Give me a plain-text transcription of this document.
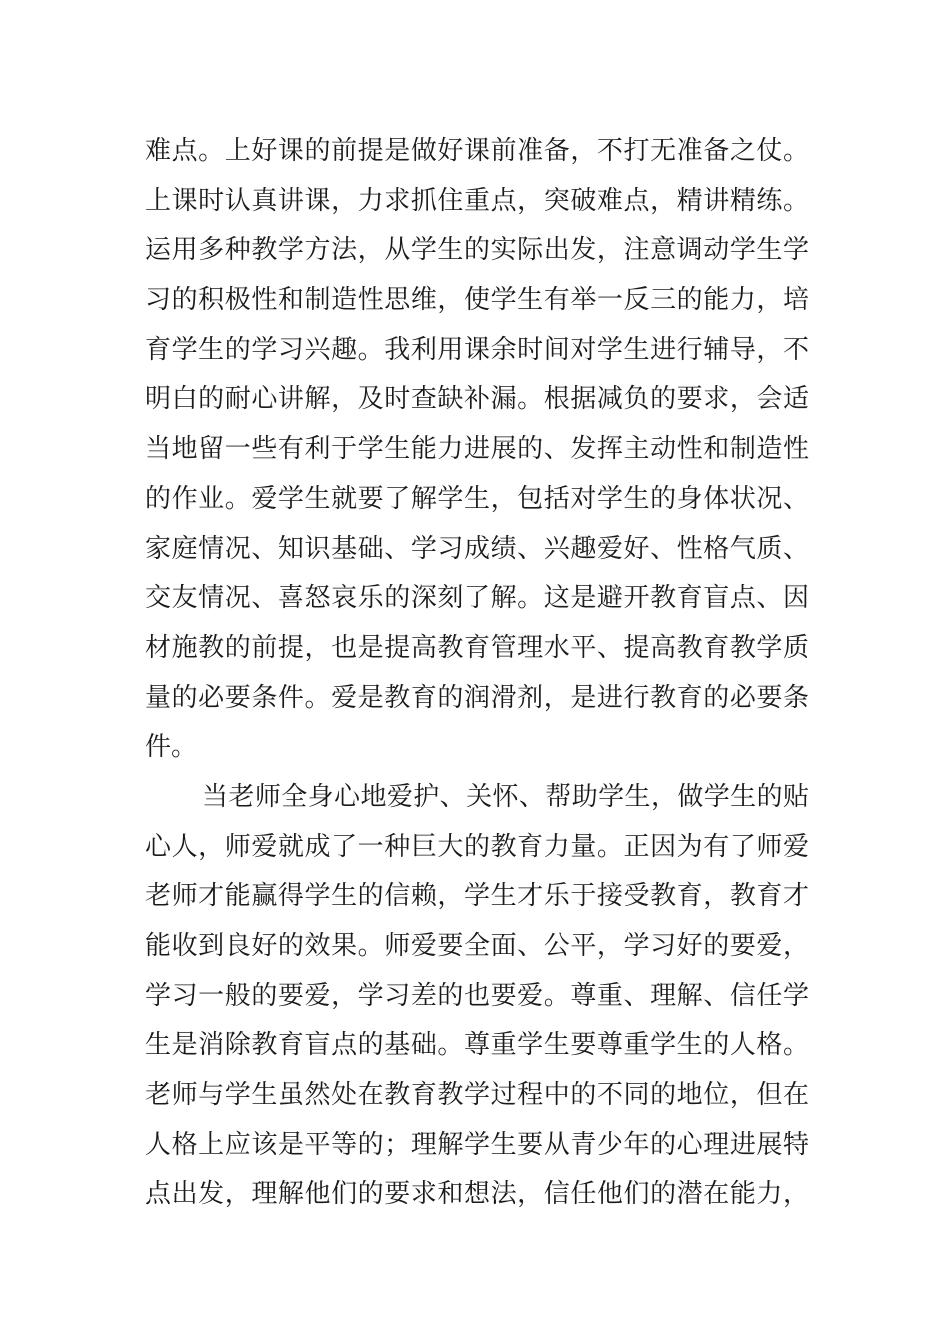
难点。上好课的前提是做好课前准备，不打无准备之仗。
上课时认真讲课，力求抓住重点，突破难点，精讲精练。
运用多种教学方法，从学生的实际出发，注意调动学生学
习的积极性和制造性思维，使学生有举一反三的能力，培
育学生的学习兴趣。我利用课余时间对学生进行辅导，不
明白的耐心讲解，及时查缺补漏。根据减负的要求，会适
当地留一些有利于学生能力进展的、发挥主动性和制造性
的作业。爱学生就要了解学生，包括对学生的身体状况、
家庭情况、知识基础、学习成绩、兴趣爱好、性格气质、
交友情况、喜怒哀乐的深刻了解。这是避开教育盲点、因
材施教的前提，也是提高教育管理水平、提高教育教学质
量的必要条件。爱是教育的润滑剂，是进行教育的必要条
件。
当老师全身心地爱护、关怀、帮助学生，做学生的贴
心人，师爱就成了一种巨大的教育力量。正因为有了师爱
老师才能赢得学生的信赖，学生才乐于接受教育，教育才
能收到良好的效果。师爱要全面、公平，学习好的要爱，
学习一般的要爱，学习差的也要爱。尊重、理解、信任学
生是消除教育盲点的基础。尊重学生要尊重学生的人格。
老师与学生虽然处在教育教学过程中的不同的地位，但在
人格上应该是平等的；理解学生要从青少年的心理进展特
点出发，理解他们的要求和想法，信任他们的潜在能力，
